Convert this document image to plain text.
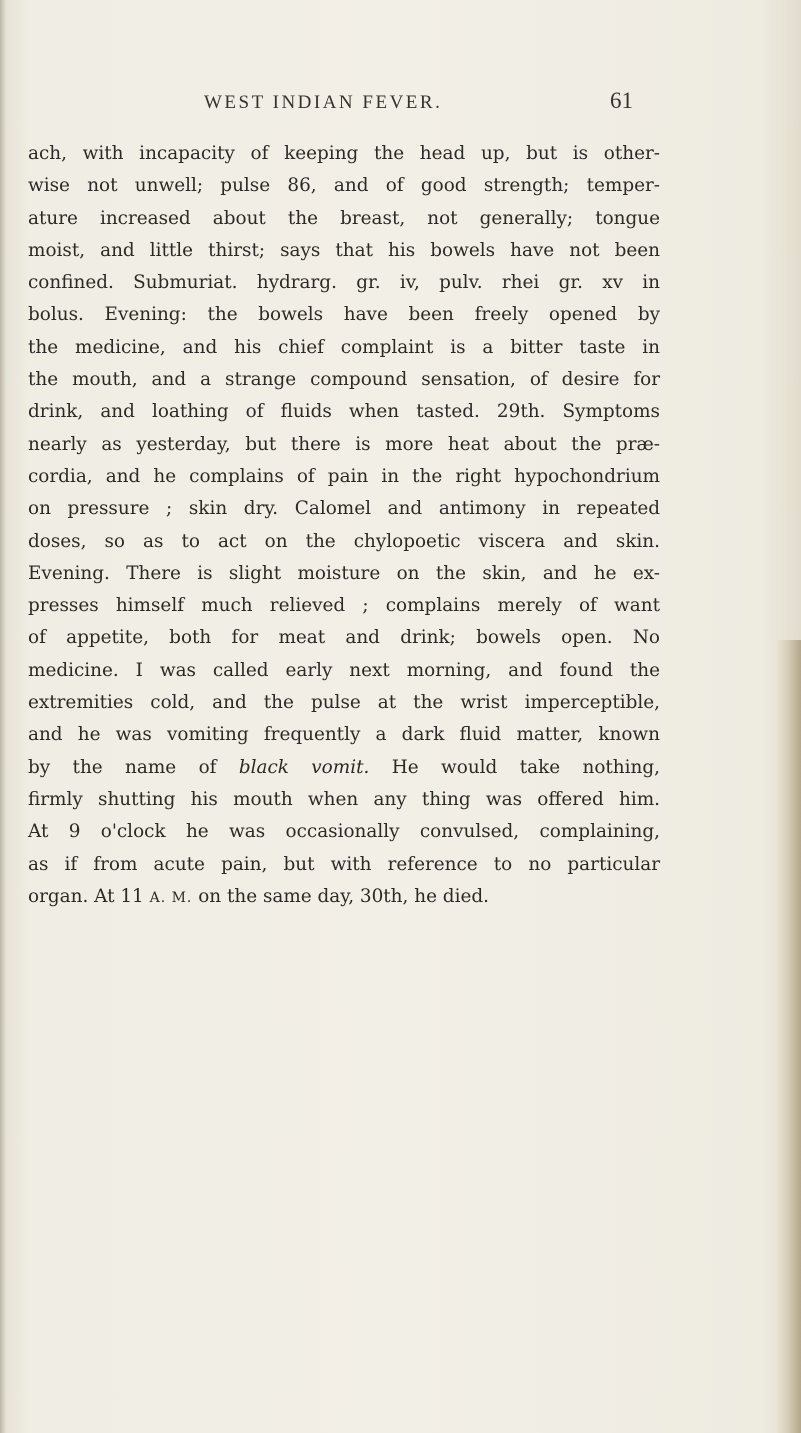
WEST INDIAN FEVER.	61
ach, with incapacity of keeping the head up, but is other-
wise not unwell; pulse 86, and of good strength; temper-
ature increased about the breast, not generally; tongue
moist, and little thirst; says that his bowels have not been
confined. Submuriat. hydrarg. gr. iv, pulv. rhei gr. xv in
bolus. Evening: the bowels have been freely opened by
the medicine, and his chief complaint is a bitter taste in
the mouth, and a strange compound sensation, of desire for
drink, and loathing of fluids when tasted. 29th. Symptoms
nearly as yesterday, but there is more heat about the præ-
cordia, and he complains of pain in the right hypochondrium
on pressure ; skin dry. Calomel and antimony in repeated
doses, so as to act on the chylopoetic viscera and skin.
Evening. There is slight moisture on the skin, and he ex-
presses himself much relieved ; complains merely of want
of appetite, both for meat and drink; bowels open. No
medicine. I was called early next morning, and found the
extremities cold, and the pulse at the wrist imperceptible,
and he was vomiting frequently a dark fluid matter, known
by the name of black vomit. He would take nothing,
firmly shutting his mouth when any thing was offered him.
At 9 o'clock he was occasionally convulsed, complaining,
as if from acute pain, but with reference to no particular
organ. At 11 A. M. on the same day, 30th, he died.
